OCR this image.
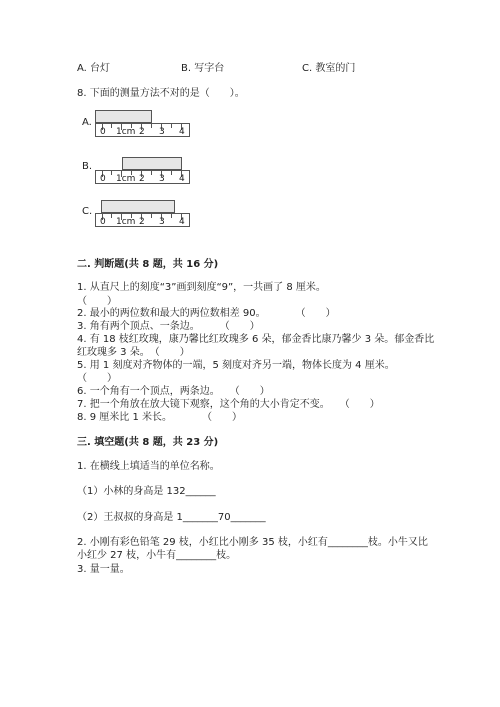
A. 台灯	B. 写字台	C. 教室的门
8. 下面的测量方法不对的是（　　）。
A.
0 1cm 2 3 4
B.
0 1cm 2 3 4
C.
0 1cm 2 3 4
二. 判断题(共 8 题，共 16 分)
1. 从直尺上的刻度“3”画到刻度“9”，一共画了 8 厘米。
（　　）
2. 最小的两位数和最大的两位数相差 90。　　　　（　　）
3. 角有两个顶点、一条边。　　　（　　）
4. 有 18 枝红玫瑰，康乃馨比红玫瑰多 6 朵，郁金香比康乃馨少 3 朵。郁金香比
红玫瑰多 3 朵。　（　　）
5. 用 1 刻度对齐物体的一端，5 刻度对齐另一端，物体长度为 4 厘米。
（　　）
6. 一个角有一个顶点，两条边。　　（　　）
7. 把一个角放在放大镜下观察，这个角的大小肯定不变。　　（　　）
8. 9 厘米比 1 米长。　　　　（　　）
三. 填空题(共 8 题，共 23 分)
1. 在横线上填适当的单位名称。
（1）小林的身高是 132______
（2）王叔叔的身高是 1_______70_______
2. 小刚有彩色铅笔 29 枝，小红比小刚多 35 枝，小红有________枝。小牛又比
小红少 27 枝，小牛有________枝。
3. 量一量。
